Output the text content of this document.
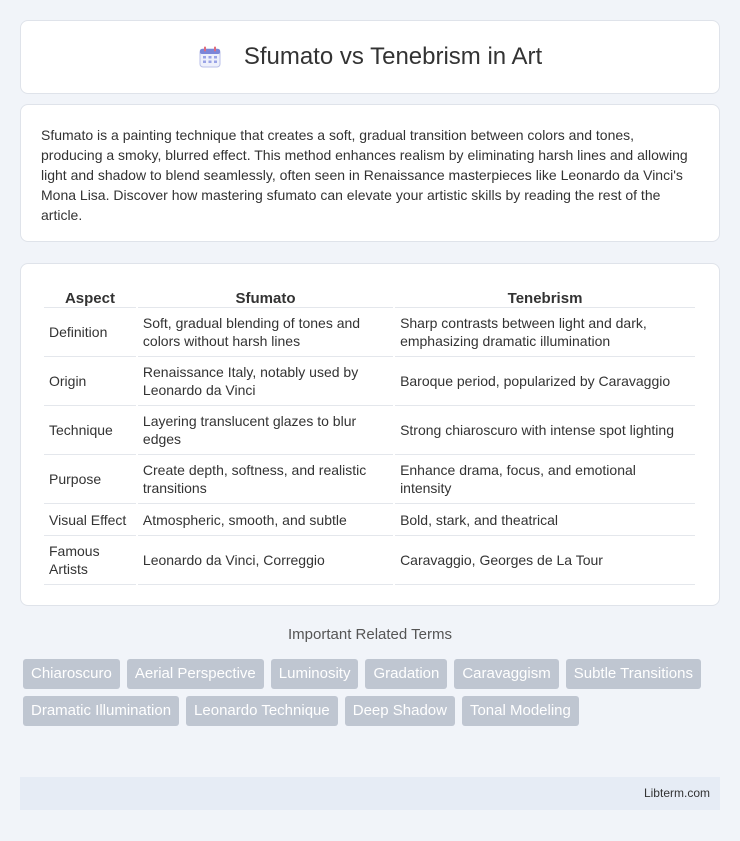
Sfumato vs Tenebrism in Art

Sfumato is a painting technique that creates a soft, gradual transition between colors and tones, producing a smoky, blurred effect. This method enhances realism by eliminating harsh lines and allowing light and shadow to blend seamlessly, often seen in Renaissance masterpieces like Leonardo da Vinci's Mona Lisa. Discover how mastering sfumato can elevate your artistic skills by reading the rest of the article.

Aspect	Sfumato	Tenebrism
Definition	Soft, gradual blending of tones and colors without harsh lines	Sharp contrasts between light and dark, emphasizing dramatic illumination
Origin	Renaissance Italy, notably used by Leonardo da Vinci	Baroque period, popularized by Caravaggio
Technique	Layering translucent glazes to blur edges	Strong chiaroscuro with intense spot lighting
Purpose	Create depth, softness, and realistic transitions	Enhance drama, focus, and emotional intensity
Visual Effect	Atmospheric, smooth, and subtle	Bold, stark, and theatrical
Famous Artists	Leonardo da Vinci, Correggio	Caravaggio, Georges de La Tour
Important Related Terms
Chiaroscuro	Aerial Perspective	Luminosity	Gradation	Caravaggism	Subtle Transitions
Dramatic Illumination	Leonardo Technique	Deep Shadow	Tonal Modeling
Libterm.com
